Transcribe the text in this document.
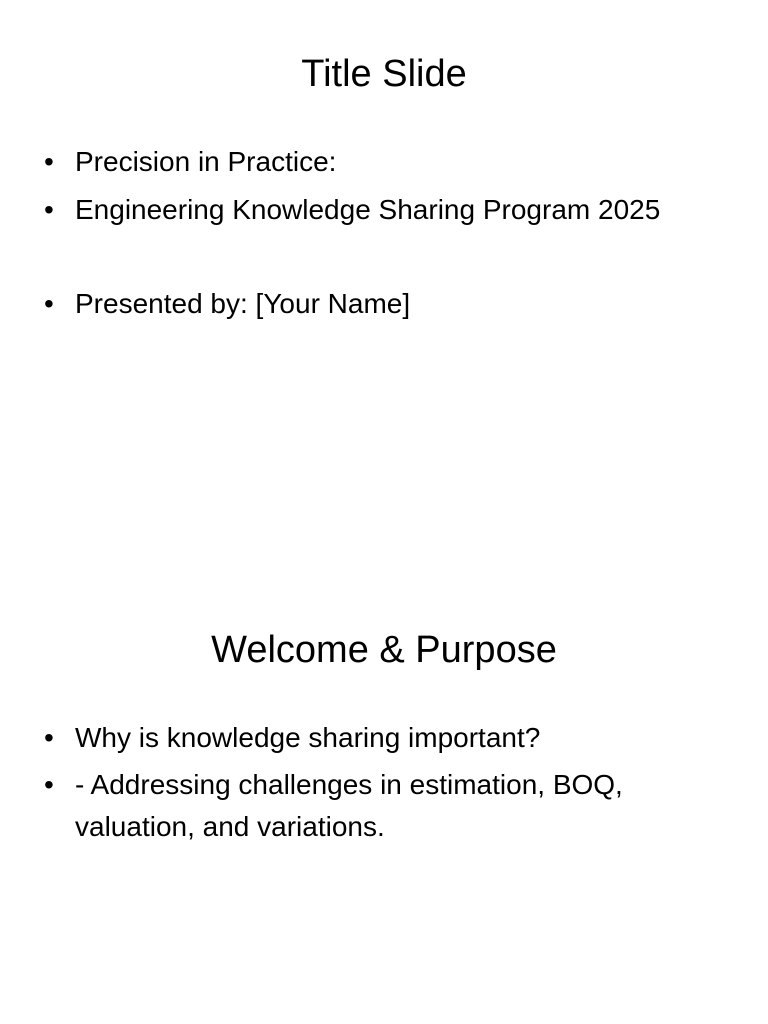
Title Slide
• Precision in Practice:
• Engineering Knowledge Sharing Program 2025
• Presented by: [Your Name]
Welcome & Purpose
• Why is knowledge sharing important?
• - Addressing challenges in estimation, BOQ, valuation, and variations.
